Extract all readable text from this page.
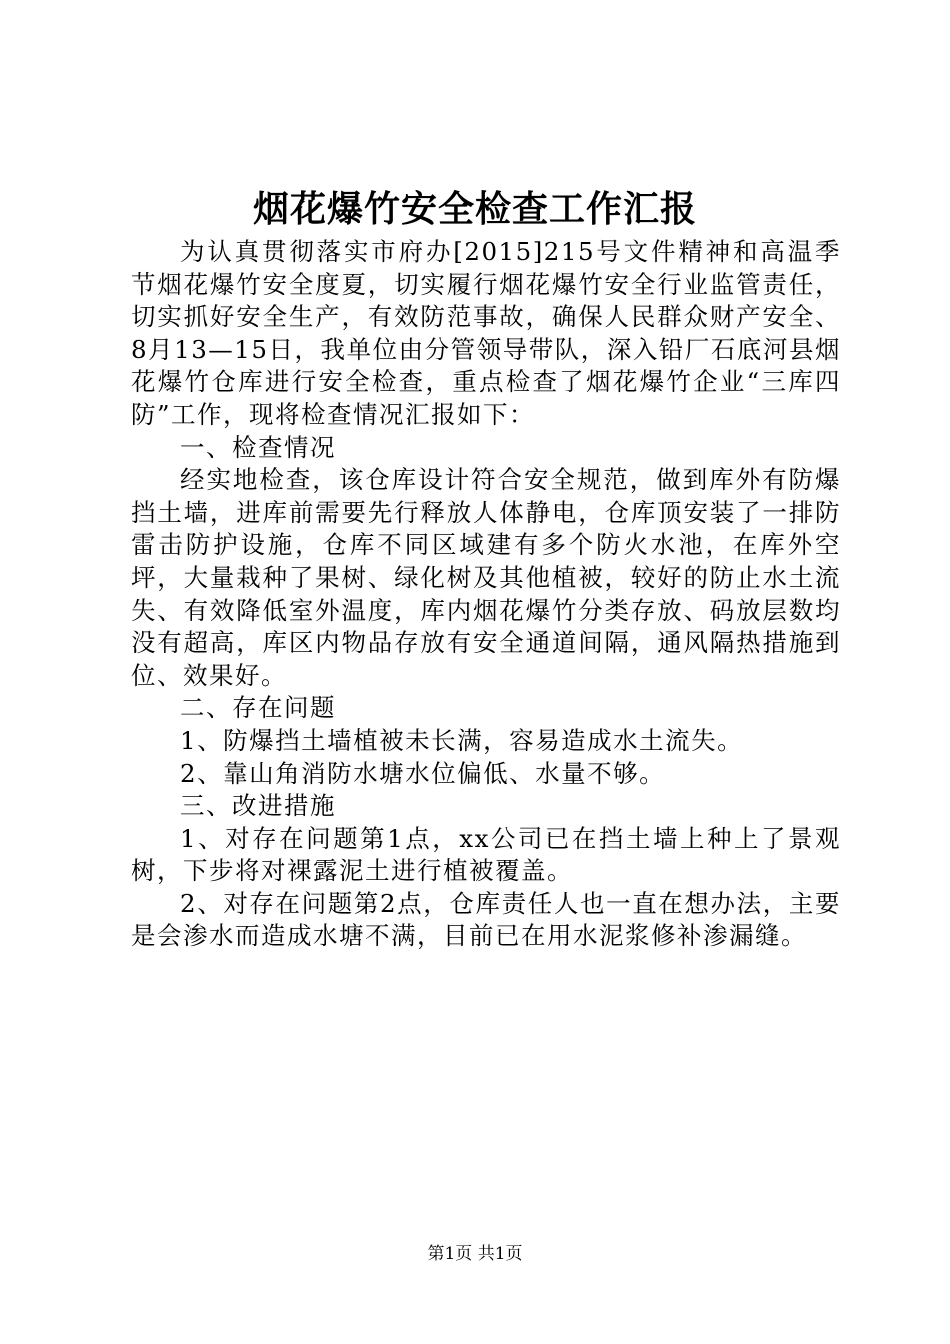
烟花爆竹安全检查工作汇报

为认真贯彻落实市府办[2015]215号文件精神和高温季节烟花爆竹安全度夏，切实履行烟花爆竹安全行业监管责任，切实抓好安全生产，有效防范事故，确保人民群众财产安全、8月13—15日，我单位由分管领导带队，深入铅厂石底河县烟花爆竹仓库进行安全检查，重点检查了烟花爆竹企业“三库四防”工作，现将检查情况汇报如下：

一、检查情况

经实地检查，该仓库设计符合安全规范，做到库外有防爆挡土墙，进库前需要先行释放人体静电，仓库顶安装了一排防雷击防护设施，仓库不同区域建有多个防火水池，在库外空坪，大量栽种了果树、绿化树及其他植被，较好的防止水土流失、有效降低室外温度，库内烟花爆竹分类存放、码放层数均没有超高，库区内物品存放有安全通道间隔，通风隔热措施到位、效果好。

二、存在问题

1、防爆挡土墙植被未长满，容易造成水土流失。

2、靠山角消防水塘水位偏低、水量不够。

三、改进措施

1、对存在问题第1点，xx公司已在挡土墙上种上了景观树，下步将对裸露泥土进行植被覆盖。

2、对存在问题第2点，仓库责任人也一直在想办法，主要是会渗水而造成水塘不满，目前已在用水泥浆修补渗漏缝。

第1页 共1页
